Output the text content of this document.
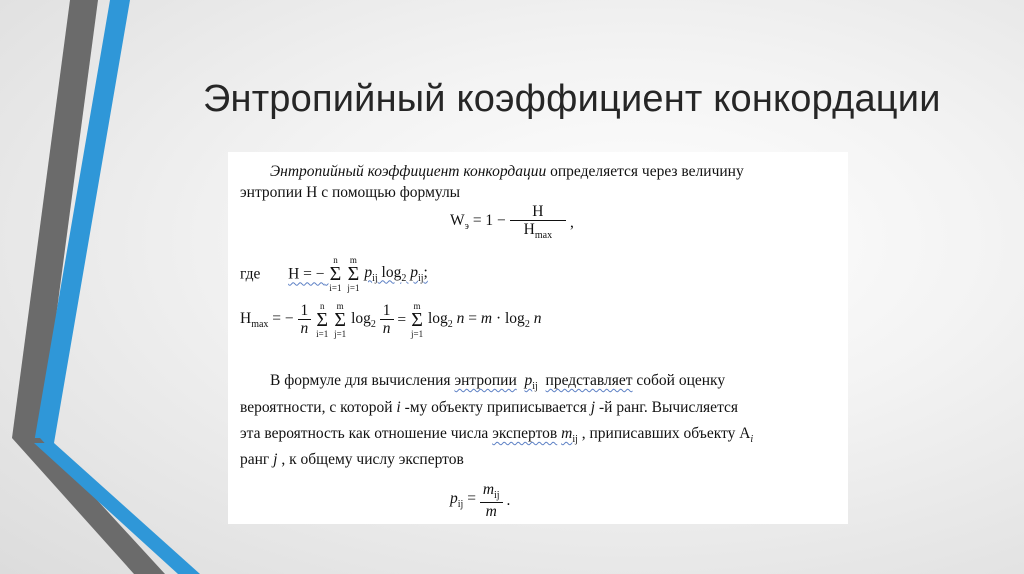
Энтропийный коэффициент конкордации
Энтропийный коэффициент конкордации определяется через величину
энтропии H с помощью формулы
$W_э = 1 - \frac{H}{H_{max}}$ ,
где H = −
n
Σ
i=1

m
Σ
j=1
$p_{ij}$ $\log_2 p_{ij}$;
$H_{max}$ = − $\frac{1}{n}$
n
Σ
i=1

m
Σ
j=1
$\log_2 \frac{1}{n}$ =
m
Σ
j=1
$\log_2 n = m \cdot \log_2 n$
В формуле для вычисления энтропии $p_{ij}$ представляет собой оценку
вероятности, с которой i -му объекту приписывается j -й ранг. Вычисляется
эта вероятность как отношение числа экспертов $m_{ij}$ , приписавших объекту $A_i$
ранг j , к общему числу экспертов
$p_{ij} = \frac{m_{ij}}{m}$ .
